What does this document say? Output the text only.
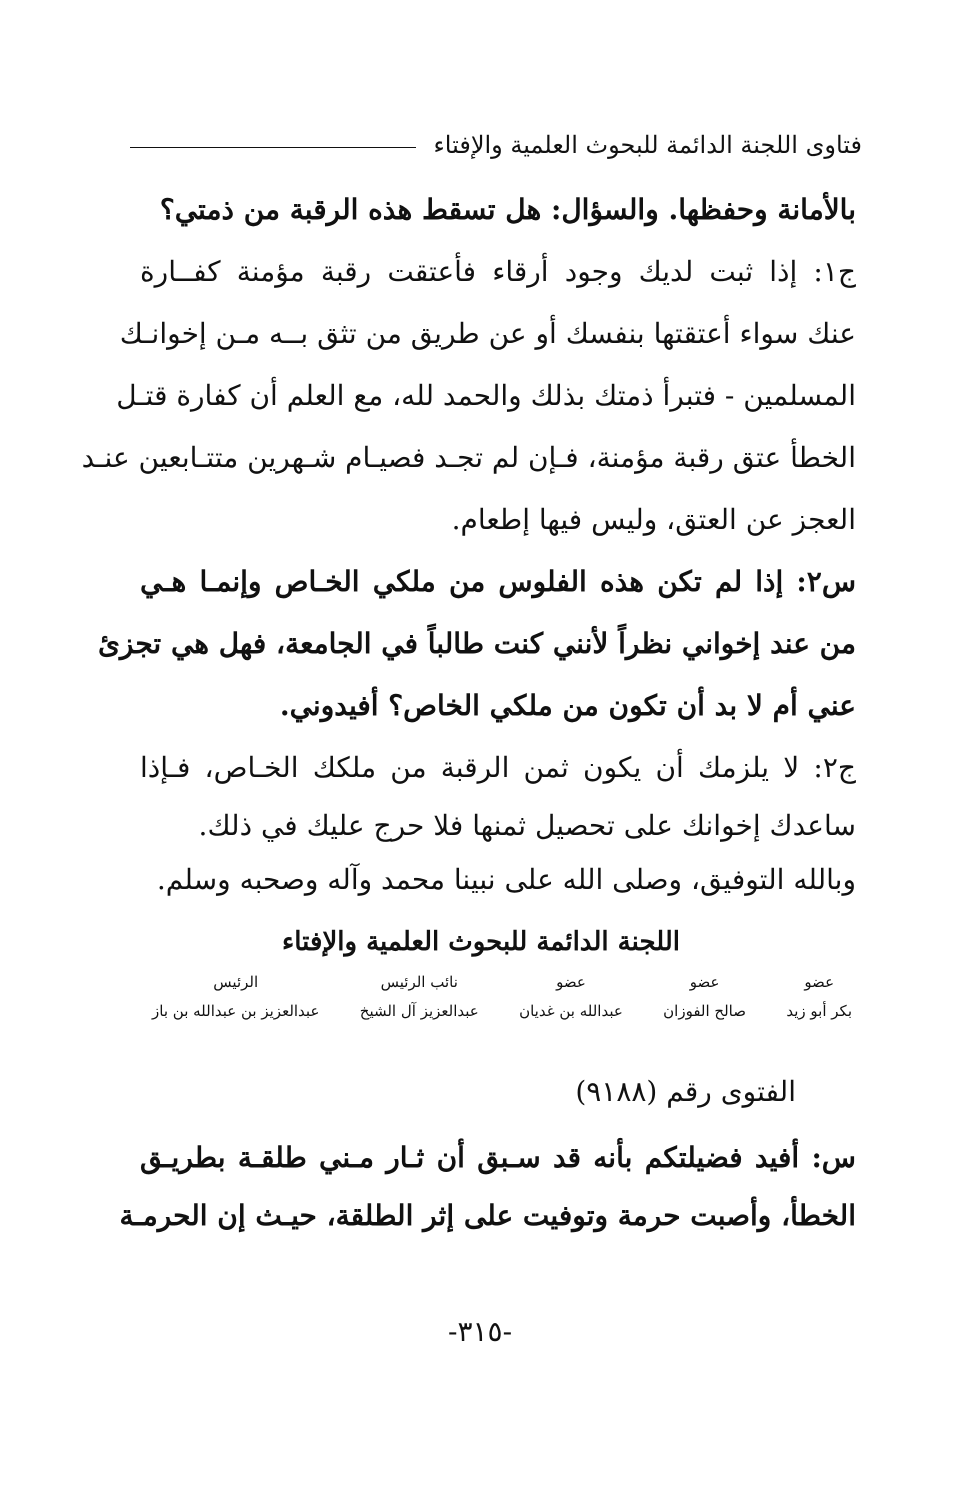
فتاوى اللجنة الدائمة للبحوث العلمية والإفتاء
بالأمانة وحفظها. والسؤال: هل تسقط هذه الرقبة من ذمتي؟
ج١: إذا ثبت لديك وجود أرقاء فأعتقت رقبة مؤمنة كفــارة
عنك سواء أعتقتها بنفسك أو عن طريق من تثق بــه مـن إخوانـك
المسلمين - فتبرأ ذمتك بذلك والحمد لله، مع العلم أن كفارة قتـل
الخطأ عتق رقبة مؤمنة، فـإن لم تجـد فصيـام شـهرين متتـابعين عنـد
العجز عن العتق، وليس فيها إطعام.
س٢: إذا لم تكن هذه الفلوس من ملكي الخـاص وإنمـا هـي
من عند إخواني نظراً لأنني كنت طالباً في الجامعة، فهل هي تجزئ
عني أم لا بد أن تكون من ملكي الخاص؟ أفيدوني.
ج٢: لا يلزمك أن يكون ثمن الرقبة من ملكك الخـاص، فـإذا
ساعدك إخوانك على تحصيل ثمنها فلا حرج عليك في ذلك.
وبالله التوفيق، وصلى الله على نبينا محمد وآله وصحبه وسلم.
اللجنة الدائمة للبحوث العلمية والإفتاء
عضو
بكر أبو زيد
عضو
صالح الفوزان
عضو
عبدالله بن غديان
نائب الرئيس
عبدالعزيز آل الشيخ
الرئيس
عبدالعزيز بن عبدالله بن باز
الفتوى رقم (٩١٨٨)
س: أفيد فضيلتكم بأنه قد سـبق أن ثـار مـني طلقـة بطريـق
الخطأ، وأصبت حرمة وتوفيت على إثر الطلقة، حيـث إن الحرمـة
-٣١٥-
